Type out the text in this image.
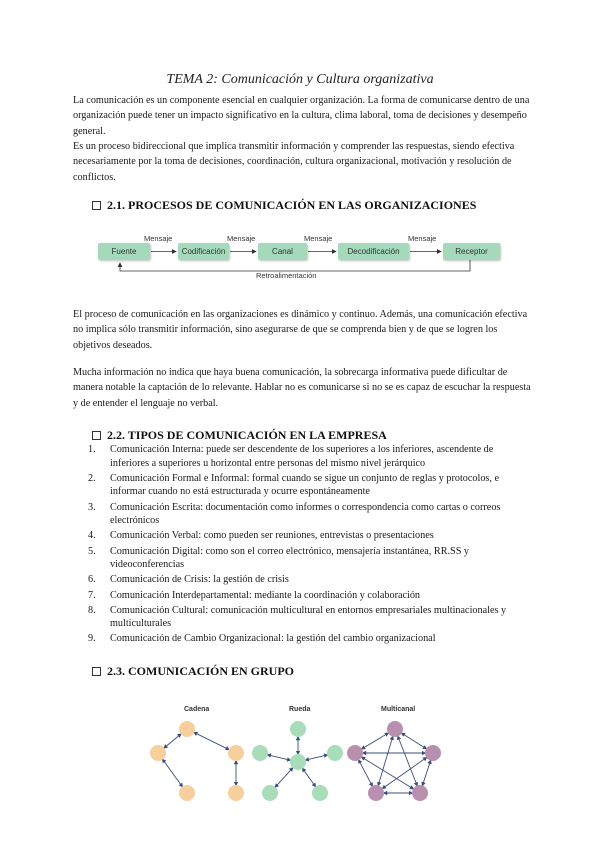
TEMA 2: Comunicación y Cultura organizativa

La comunicación es un componente esencial en cualquier organización. La forma de comunicarse dentro de una organización puede tener un impacto significativo en la cultura, clima laboral, toma de decisiones y desempeño general.

Es un proceso bidireccional que implica transmitir información y comprender las respuestas, siendo efectiva necesariamente por la toma de decisiones, coordinación, cultura organizacional, motivación y resolución de conflictos.

2.1. PROCESOS DE COMUNICACIÓN EN LAS ORGANIZACIONES
Fuente	Codificación	Canal	Decodificación	Receptor
Mensaje	Mensaje	Mensaje	Mensaje
Retroalimentación

El proceso de comunicación en las organizaciones es dinámico y continuo. Además, una comunicación efectiva no implica sólo transmitir información, sino asegurarse de que se comprenda bien y de que se logren los objetivos deseados.

Mucha información no indica que haya buena comunicación, la sobrecarga informativa puede dificultar de manera notable la captación de lo relevante. Hablar no es comunicarse si no se es capaz de escuchar la respuesta y de entender el lenguaje no verbal.

2.2. TIPOS DE COMUNICACIÓN EN LA EMPRESA
1. Comunicación Interna: puede ser descendente de los superiores a los inferiores, ascendente de inferiores a superiores u horizontal entre personas del mismo nivel jerárquico
2. Comunicación Formal e Informal: formal cuando se sigue un conjunto de reglas y protocolos, e informar cuando no está estructurada y ocurre espontáneamente
3. Comunicación Escrita: documentación como informes o correspondencia como cartas o correos electrónicos
4. Comunicación Verbal: como pueden ser reuniones, entrevistas o presentaciones
5. Comunicación Digital: como son el correo electrónico, mensajería instantánea, RR.SS y videoconferencias
6. Comunicación de Crisis: la gestión de crisis
7. Comunicación Interdepartamental: mediante la coordinación y colaboración
8. Comunicación Cultural: comunicación multicultural en entornos empresariales multinacionales y multiculturales
9. Comunicación de Cambio Organizacional: la gestión del cambio organizacional
2.3. COMUNICACIÓN EN GRUPO
Cadena	Rueda	Multicanal
